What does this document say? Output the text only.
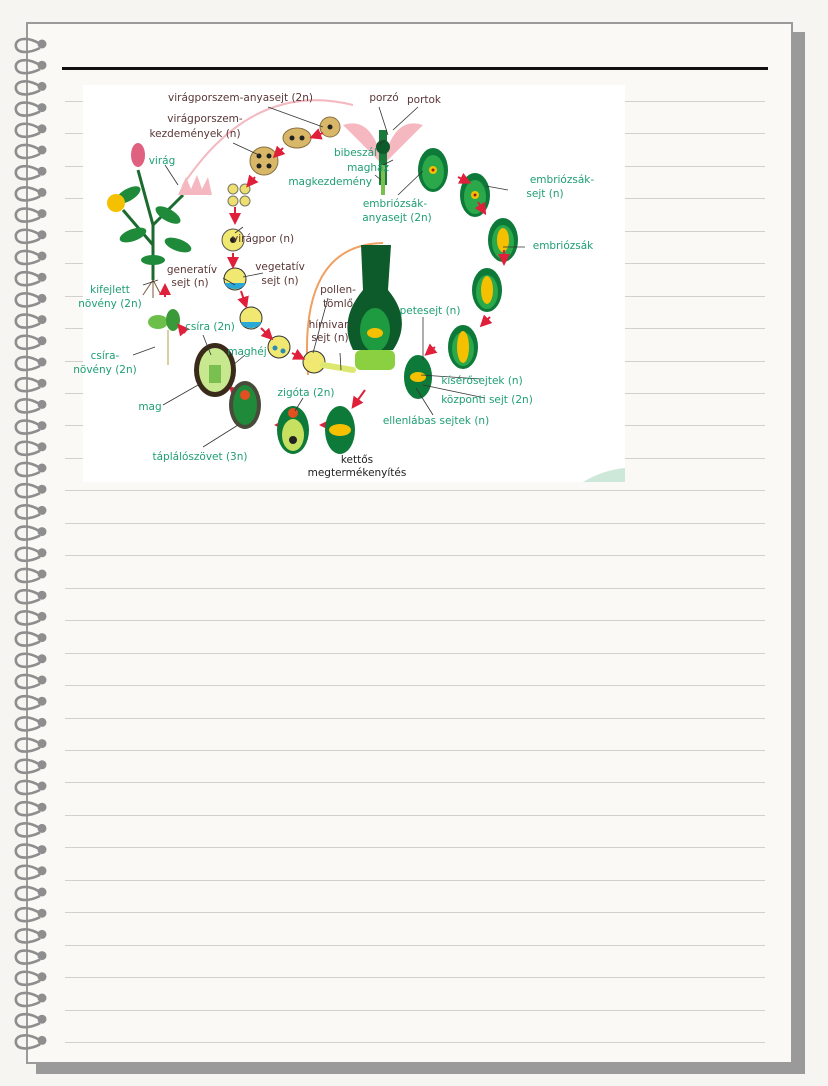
virágporszem-anyasejt (2n)
virágporszem-
kezdemények (n)
virág
porzó portok
bibeszál
magház
magkezdemény
embriózsák-
anyasejt (2n)
embriózsák-
sejt (n)
embriózsák
virágpor (n)
generatív
sejt (n)
vegetatív
sejt (n)
kifejlett
növény (2n)
pollen-
tömlő
hímivar-
sejt (n)
petesejt (n)
csíra (2n)
maghéj
csíra-
növény (2n)
mag
zigóta (2n)
kísérősejtek (n)
központi sejt (2n)
ellenlábas sejtek (n)
táplálószövet (3n)	kettős
megtermékenyítés
